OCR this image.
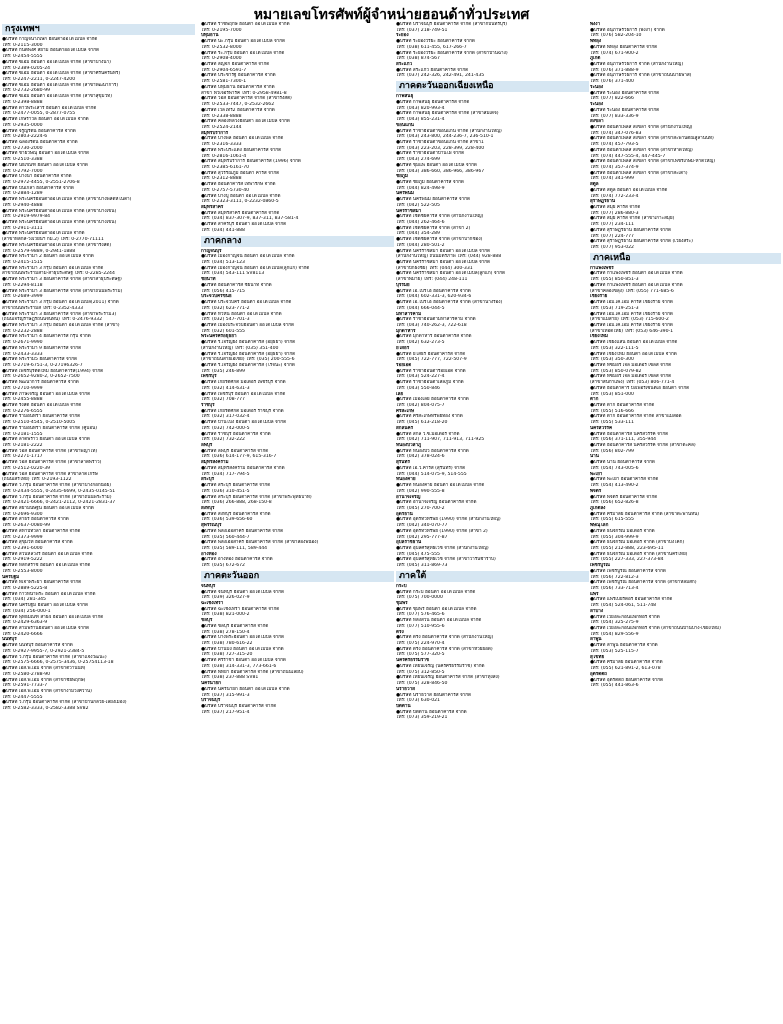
หมายเลขโทรศัพท์ผู้จำหน่ายฮอนด้าทั่วประเทศ
กรุงเทพฯ
●บริษัท กาญจนาภิเษก ฮอนด้าออโตโมบิล จำกัด
โทร: 0-2115-3000
●บริษัท กันต์พงศ์ สยาม ฮอนด้าออโตโมบิล จำกัด
โทร: 0-2454-5555
●บริษัท ซีเอ็ม ฮอนด้า ออโตโมบิล จำกัด (สาขาบางนา)
โทร: 0-2389-0205-24
●บริษัท ซีเอ็ม ฮอนด้า ออโตโมบิล จำกัด (สาขาศรีนครินทร์)
โทร: 0-2247-2211, 0-2247-4200
●บริษัท ซีเอ็ม ฮอนด้า ออโตโมบิล จำกัด (สาขาพัฒนาการ)
โทร: 0-2732-2680-99
●บริษัท ซีเอ็ม ฮอนด้า ออโตโมบิล จำกัด (สาขาสุขุมวิท)
โทร: 0-2398-8888
●บริษัท ดาวพระเสาร์ ฮอนด้า ออโตโมบิล จำกัด
โทร: 0-2477-0055, 0-2877-0755
●บริษัท เกษราวิล ฮอนด้า ออโตโมบิล จำกัด
โทร: 0-2935-0000
●บริษัท จรูญรัตน์ ฮอนด้าคาร์ส์ จำกัด
โทร: 0-2803-2224-6
●บริษัท ฉลองรัตน์ ฮอนด้าคาร์ส์ จำกัด
โทร: 0-2730-2000
●บริษัท ชายวิษณุ์ ฮอนด้า ออโตโมบิล จำกัด
โทร: 0-2510-3388
●บริษัท นิธิภัณฑ์ ฮอนด้า ออโตโมบิล จำกัด
โทร: 0-2792-7000
●บริษัท บางนา ฮอนด้าคาร์ส์ จำกัด
โทร: 0-2972-4455, 0-2551-2706-8
●บริษัท ปิ่นเกล้า ฮอนด้าคาร์ส์ จำกัด
โทร: 0-2884-1289
●บริษัท พระนครฮอนด้าออโตโมบิล จำกัด (สาขาบางพลัดหิโนดา)
โทร: 0-2940-4888
●บริษัท พระนครฮอนด้าออโตโมบิล จำกัด (สาขาบางเขน)
โทร: 0-2919-9979-84
●บริษัท พระนครฮอนด้าออโตโมบิล จำกัด (สาขาบางเขน)
โทร: 0-2911-3111
●บริษัท พระนครฮอนด้าออโตโมบิล จำกัด
(สาขาหลักสี่-วงเวียนฯ กม.2) โทร: 0-2770-71111
●บริษัท พระนครฮอนด้าออโตโมบิล จำกัด (สาขารังสิต)
โทร: 0-2579-9889, 0-2941-1888
●บริษัท พระรามา 2 ฮอนด้า ออโตโมบิล จำกัด
โทร: 0-2415-1515
●บริษัท พระรามา 3 กรุ๊ป ฮอนด้า ออโตโมบิล จำกัด
สาขาถนนพระรามสาม-สาธุประดิษฐ์ โทร: 0-2285-2244
●บริษัท พระรามา 3 ฮอนด้าคาร์ส์ จำกัด (สาขาสาธุประดิษฐ์)
โทร: 0-2294-8118
●บริษัท พระรามา 3 ฮอนด้าคาร์ส์ จำกัด (สาขาถนนพระราม)
โทร: 0-2689-3999
●บริษัท พระรามา 3 กรุ๊ป ฮอนด้า ออโตโมบิล(2011) จำกัด
สาขาถนนพระรามสี่ โทร: 0-2352-4333
●บริษัท พระรามา 3 ฮอนด้าคาร์ส์ จำกัด (สาขาพระราม3)
(ถนนเจริญราษฎร์ถนนจันทน์) โทร: 0-2476-9332
●บริษัท พระรามา 3 กรุ๊ป ฮอนด้า ออโตโมบิล จำกัด (สาขา)
โทร: 0-2232-2888
●บริษัท พระรามา 4 ฮอนด้าคาร์ส์ กรุ๊ป จำกัด
โทร: 0-2671-9990
●บริษัท พระรามา 9 ฮอนด้าคาร์ส์ จำกัด
โทร: 0-2433-3333
●บริษัท พระราม5 ฮอนด้าคาร์ส์ จำกัด
โทร: 0-2719-6751-3, 0-27196326-7
●บริษัท เพชรบุรีตัดใหม่ ฮอนด้าคาร์ส์(1994) จำกัด
โทร: 0-2652-9280-2, 0-2652-7500
●บริษัท พัฒนาการ ฮอนด้าคาร์ส์ จำกัด
โทร: 0-2710-9999
●บริษัท ภาษีเจริญ ฮอนด้า ออโตโมบิล จำกัด
โทร: 0-2455-8888
●บริษัท รังสิต ฮอนด้า ออโตโมบิล จำกัด
โทร: 0-2276-6555
●บริษัท รามอินทรา ฮอนด้าคาร์ส์ จำกัด
โทร: 0-2510-4545, 0-2510-5005
●บริษัท รามอินทรา ฮอนด้าคาร์ส์ จำกัด (คู้บอน)
โทร: 0-2181-1555
●บริษัท ลาดพร้าว ฮอนด้า ออโตโมบิล จำกัด
โทร: 0-2181-2222
●บริษัท วอส ฮอนด้าคาร์ส์ จำกัด (สาขาพญาไท)
โทร: 0-2271-1717
●บริษัท วอส ฮอนด้าคาร์ส์ จำกัด (สาขาลาดพร้าว)
โทร: 0-2512-0220-39
●บริษัท วอส ฮอนด้าคาร์ส์ จำกัด สาขาลาดไกรษ
(ถนนเสรีไทย) โทร: 0-2193-1122
●บริษัท วี.กรุ๊ป ฮอนด้าคาร์ส์ จำกัด (สาขาบางกอกน้อย)
โทร: 0-2434-5555, 0-2435-6699, 0-2435-0145-51
●บริษัท วี.กรุ๊ป ฮอนด้าคาร์ส์ จำกัด (สาขาถนนพระราม)
โทร: 0-2421-6666, 0-2421-2112, 0-2421-2831-37
●บริษัท สยามนิษฐัน ฮอนด้า ออโตโมบิล จำกัด
โทร: 0-2696-9300
●บริษัท สาธร ฮอนด้าคาร์ส์ จำกัด
โทร: 0-2637-0080-99
●บริษัท สหาบัทวลา ฮอนด้าคาร์ส์ จำกัด
โทร: 0-2373-9999
●บริษัท สุขุมวิท ฮอนด้าคาร์ส์ จำกัด
โทร: 0-2391-6000
●บริษัท สวนหลวงร์ ฮอนด้า ออโตโมบิล จำกัด
โทร: 0-2919-5222
●บริษัท หลักสี่ราช ฮอนด้า ออโตโมบิล จำกัด
โทร: 0-2553-8000
นครปฐม
●บริษัท ทีเจ้าพระยา ฮอนด้าคาร์ส์ จำกัด
โทร: 0-2889-5225-8
●บริษัท ก้าวหน้าพระ ฮอนด้า ออโตโมบิล จำกัด
โทร: (034) 281-345
●บริษัท นครปฐม ฮอนด้า ออโตโมบิล จำกัด
โทร: (034) 256-000-1
●บริษัท พุทธมณฑ์ สาย4 ฮอนด้า ออโตโมบิล จำกัด
โทร: 0-2429-6363-9
●บริษัท สามพรานฮอนด้า ออโตโมบิล จำกัด
โทร: 0-2420-6666
นนทบุรี
●บริษัท นนทบุรี ฮอนด้าคาร์ส์ จำกัด
โทร: 0-2927-9955-7, 0-2921-2384-5
●บริษัท วี.กรุ๊ป ฮอนด้าคาร์ส์ จำกัด (สาขาแจ้งวัฒนะ)
โทร: 0-2575-6666, 0-2575-3436, 0-25754113-18
●บริษัท เอส.พี.เอ็ม จำกัด (สาขาติวานนท์)
โทร: 0-2580-2788-90
●บริษัท เอส.พี.เอ็ม จำกัด (สาขาชัยพฤกษ์)
โทร: 0-2591-7733-7
●บริษัท เอส.พี.เอ็ม จำกัด (สาขางามวงศ์วาน)
โทร: 0-2447-5555
●บริษัท วี.กรุ๊ป ฮอนด้าคาร์ส์ จำกัด (สาขาบ้านกล้วย-เลี่ยงเมือง)
โทร: 0-2582-3333, 0-2582-3388 SV82
●บริษัท ราชพฤกษ์ ฮอนด้า ออโตโมบิล จำกัด
โทร: 0-2195-7000
ปทุมธานี
●บริษัท นะ.กรุ๊ป ฮอนด้า ออโตโมบิล จำกัด
โทร: 0-2532-8000
●บริษัท ระ.กรุ๊ป ฮอนด้า ออโตโมบิล จำกัด
โทร: 0-2908-4000
●บริษัท ลัญจกี ฮอนด้าคาร์ส์ จำกัด
โทร: 0-2904-6591-7
●บริษัท ประชารัฐ ฮอนด้าคาร์ส์ จำกัด
โทร: 0-2581-7300-1
●บริษัท ปทุมธานี ฮอนด้าคาร์ส์ จำกัด
สาขา ฟิวเจอร์พาร์ค โทร: 0-2958-4981-8
●บริษัท วอส ฮอนด้าคาร์ส์ จำกัด (สาขารังสิต)
โทร: 0-2533-7447, 0-2532-2662
●บริษัท เวลไทร2 ฮอนด้าคาร์ส์ จำกัด
โทร: 0-2338-8888
●บริษัท คลองหลวงฮอนด้า ออโตโมบิล จำกัด
โทร: 0-2524-2144
สมุทรปราการ
●บริษัท บางพลี ฮอนด้า ออโตโมบิล จำกัด
โทร: 0-2316-3333
●บริษัท พระประแดง ฮอนด้าคาร์ส์ จำกัด
โทร: 0-2816-1061-4
●บริษัท สมุทรปราการ ฮอนด้าคาร์ส์ (1996) จำกัด
โทร: 0-2385-6161-70
●บริษัท สุวรรณภูมิ ฮอนด้า คาร์ส์ จำกัด
โทร: 0-2312-8888
●บริษัท ฮอนด้าคาร์ส์ เทพารักษ์ จำกัด
โทร: 0-2757-5730-40
●บริษัท บางปู ฮอนด้า ออโตโมบิล จำกัด
โทร: 0-2323-3111, 0-2232-0860-5
สมุทรสาคร
●บริษัท สมุทรสาคร ฮอนด้าคาร์ส์ จำกัด
โทร: (034) 837-307-9, 837-311, 837-581-4
●บริษัท สาครบุรี ฮอนด้า ออโตโมบิล จำกัด
โทร: (034) 441-888
ภาคกลาง
กาญจนบุรี
●บริษัท เมืองกาญจน์ ฮอนด้า ออโตโมบิล จำกัด
โทร: (034) 513-123
●บริษัท เมืองกาญจน์ ฮอนด้า ออโตโมบิล(ลูกแก) จำกัด
โทร: (034) 543-111 SV8113
ชัยนาท
●บริษัท ฮอนด้าคาร์ส์ ชัยนาท จำกัด
โทร: (056) 415-715
ประจวบคีรีขันธ์
●บริษัท ประจวบคีรี ฮอนด้า ออโตโมบิล จำกัด
โทร: (032) 623-771-2
●บริษัท หัวหิน ฮอนด้า ออโตโมบิล จำกัด
โทร: (032) 547-701-3
●บริษัท เมืองประจวบฮอนด้า ออโตโมบิล จำกัด
โทร: (032) 601-555
พระนครศรีอยุธยา
●บริษัท ร.เจริญยิ่ง ฮอนด้าคาร์ส์ (อยุธยา) จำกัด
(สำนักงานใหญ่) โทร: (035) 351-400
●บริษัท ร.เจริญยิ่ง ฮอนด้าคาร์ส์ (อยุธยา) จำกัด
(สาขาถนนสายเอเชีย) โทร: (035) 200-555-6
●บริษัท ร.เจริญยิ่ง ฮอนด้าคาร์ส์ (โรจนะ) จำกัด
โทร: (035) 246-899
เพชรบุรี
●บริษัท เกียรติศักดิ์ มอเตอร์ เพชรบุรี จำกัด
โทร: (032) 414-631-3
●บริษัท เพชรบุรี ฮอนด้า ออโตโมบิล จำกัด
โทร: (032) 708-777
ราชบุรี
●บริษัท เกียรติศักดิ์ มอเตอร์ ราชบุรี จำกัด
โทร: (032) 317-032-4
●บริษัท บ้านโป่ง ฮอนด้า ออโตโมบิล จำกัด
โทร: (032) 742-000-5
●บริษัท ราชบุรี ฮอนด้าคาร์ส์ จำกัด
โทร: (032) 732-222
ลพบุรี
●บริษัท ลพบุรี ฮอนด้าคาร์ส์ จำกัด
โทร: (036) 614-177-9, 615-316-7
สมุทรสงคราม
●บริษัท สมุทรสงคราม ฮอนด้าคาร์ส์ จำกัด
โทร: (034) 717-794-5
สระบุรี
●บริษัท สระบุรี ฮอนด้าคาร์ส์ จำกัด
โทร: (036) 310-451-5
●บริษัท สระบุรี ฮอนด้าคาร์ส์ จำกัด (สาขาพระพุทธบาท)
โทร: (036) 266-888, 268-150-8
สิงห์บุรี
●บริษัท สิงห์บุรี ฮอนด้าคาร์ส์ จำกัด
โทร: (036) 539-656-60
สุพรรณบุรี
●บริษัท พลังเอื้อสาคร ฮอนด้าคาร์ส์ จำกัด
โทร: (035) 560-444-7
●บริษัท พลังเอื้อสาคร ฮอนด้าคาร์ส์ จำกัด (สาขาสองพี่น้อง)
โทร: (035) 589-111, 589-444
อ่างทอง
●บริษัท อ่างทอง ฮอนด้าคาร์ส์ จำกัด
โทร: (035) 672-672
ภาคตะวันออก
จันทบุรี
●บริษัท จันทบุรี ฮอนด้า ออโตโมบิล จำกัด
โทร: (039) 326-027-9
ฉะเชิงเทรา
●บริษัท ฉะเชิงเทรา ฮอนด้าคาร์ส์ จำกัด
โทร: (038) 821-000-2
ชลบุรี
●บริษัท ชลบุรี ฮอนด้าคาร์ส์ จำกัด
โทร: (038) 278-150-4
●บริษัท บางพระฮอนด้า ออโตโมบิล จำกัด
โทร: (038) 780-616-22
●บริษัท บ้านบึง ฮอนด้า ออโตโมบิล จำกัด
โทร: (038) 727-315-20
●บริษัท ศรีราชา ฮอนด้า ออโตโมบิล จำกัด
โทร: (038) 314-331-3, 773-661-6
●บริษัท พัทยา ฮอนด้าคาร์ส์ จำกัด (สาขาถนนเลียบ)
โทร: (038) 237-888 SV81
นครนายก
●บริษัท นครนายก ฮอนด้า ออโตโมบิล จำกัด
โทร: (037) 315-991-3
ปราจีนบุรี
●บริษัท ปราจีนบุรี ฮอนด้าคาร์ส์ จำกัด
โทร: (037) 217-951-4
●บริษัท ปราจีนบุรี ฮอนด้าคาร์ส์ จำกัด (สาขากบินทร์บุรี)
โทร: (037) 218-749-51
ระยอง
●บริษัท ระยองวิริยะ ฮอนด้าคาร์ส์ จำกัด
โทร: (038) 611-455, 617-266-7
●บริษัท ระยองวิริยะ ฮอนด้าคาร์ส์ จำกัด (สาขาบ้านฉาง)
โทร: (038) 874-567
สระแก้ว
●บริษัท สระแก้ว ฮอนด้าคาร์ส์ จำกัด
โทร: (037) 242-326, 242-491, 241-435
ภาคตะวันออกเฉียงเหนือ
กาฬสินธุ์
●บริษัท กาฬสินธุ์ ฮอนด้าคาร์ส์ จำกัด
โทร: (043) 820-993-4
●บริษัท กาฬสินธุ์ ฮอนด้าคาร์ส์ จำกัด (สาขาสมเด็จ)
โทร: (043) 855-231-4
ขอนแก่น
●บริษัท ราชาฮอนด้าขอนแก่น จำกัด (สำนักงานใหญ่)
โทร: (043) 243-800, 244-236-7, 236-510-1
●บริษัท ราชาฮอนด้าขอนแก่น จำกัด สาขา1
โทร: (043) 223-203, 228-399, 228-400
●บริษัท ราชาฮอนด้าบ้านไผ่ จำกัด
โทร: (043) 274-699
●บริษัท ชุมแพ ฮอนด้า ออโตโมบิล จำกัด
โทร: (043) 386-660, 386-966, 386-967
ชัยภูมิ
●บริษัท ชัยภูมิ ฮอนด้าคาร์ส์ จำกัด
โทร: (044) 824-498-9
นครพนม
●บริษัท นครพนม ฮอนด้าคาร์ส์ จำกัด
โทร: (042) 522-505
นครราชสีมา
●บริษัท เชิดชัยคาร์ส์ จำกัด (สำนักงานใหญ่)
โทร: (044) 262-464-6
●บริษัท เชิดชัยคาร์ส์ จำกัด (สาขา 2)
โทร: (044) 354-289
●บริษัท เชิดชัยคาร์ส์ จำกัด (สาขาปากช่อง)
โทร: (044) 280-501-2
●บริษัท นครราชสีมา ฮอนด้า ออโตโมบิล จำกัด
(สำนักงานใหญ่) ถนนมิตรภาพ โทร: (044) 928-888
●บริษัท นครราชสีมา ฮอนด้า ออโตโมบิล จำกัด
(สาขาปักธงชัย) โทร: (044) 300-331
●บริษัท นครราชสีมา ฮอนด้า ออโตโมบิล(ลูกแก) จำกัด
(สาขาพิมาย) โทร: (044) 248-111
บุรีรัมย์
●บริษัท เอ.ไบรโอ้ ฮอนด้าคาร์ส์ จำกัด
โทร: (044) 602-331-3, 620-934-6
●บริษัท เอ.ไบรโอ้ ฮอนด้าคาร์ส์ จำกัด (สาขานางรอง)
โทร: (044) 666-044-5
มหาสารคาม
●บริษัท ราชาฮอนด้ามหาสารคาม จำกัด
โทร: (043) 740-262-3, 722-618
มุกดาหาร
●บริษัท มุกดาหาร ฮอนด้าคาร์ส์ จำกัด
โทร: (042) 632-273-5
ยโสธร
●บริษัท ยโสธร ฮอนด้าคาร์ส์ จำกัด
โทร: (045) 722-777, 722-507-9
ร้อยเอ็ด
●บริษัท ราชาฮอนด้าร้อยเอ็ด จำกัด
โทร: (043) 524-227-4
●บริษัท ราชาฮอนด้าเสลภูมิ จำกัด
โทร: (043) 550-846
เลย
●บริษัท เมืองเลย ฮอนด้าคาร์ส์ จำกัด
โทร: (042) 804-075-7
ศรีสะเกษ
●บริษัท ศรีสะเกษทรัพย์ทอง จำกัด
โทร: (045) 613-218-20
สกลนคร
●บริษัท สกล วี.ซี.มอเตอร์ จำกัด
โทร: (042) 711-907, 711-913, 711-925
หนองบัวลำภู
●บริษัท หนองบัว ฮอนด้าคาร์ส์ จำกัด
โทร: (042) 378-024-6
สุรินทร์
●บริษัท เอ.วี.คาร์ส์ (สุรินทร์) จำกัด
โทร: (044) 514-075-9, 514-555
หนองคาย
●บริษัท หนองคาย ฮอนด้า ออโตโมบิล จำกัด
โทร: (042) 990-555-8
อำนาจเจริญ
●บริษัท อำนาจเจริญ ฮอนด้าคาร์ส์ จำกัด
โทร: (045) 270-700-2
อุดรธานี
●บริษัท อุดรทวีทรัพย์ (1990) จำกัด (สำนักงานใหญ่)
โทร: (042) 340-070-77
●บริษัท อุดรทวีทรัพย์ (1990) จำกัด (สาขา 2)
โทร: (042) 295-777-87
อุบลราชธานี
●บริษัท อุบลศรีสุทธิเวช จำกัด (สำนักงานใหญ่)
โทร: (045) 475-555
●บริษัท อุบลศรีสุทธิเวช จำกัด (สาขาวารินชำราบ)
โทร: (045) 311-869-73
ภาคใต้
กระบี่
●บริษัท กระบี่ ฮอนด้า ออโตโมบิล จำกัด
โทร: (075) 700-0000
ชุมพร
●บริษัท ชุมพร ฮอนด้า ออโตโมบิล จำกัด
โทร: (077) 576-465-6
●บริษัท หลังสวน ฮอนด้า ออโตโมบิล จำกัด
โทร: (077) 510-955-6
ตรัง
●บริษัท ตรัง ฮอนด้าคาร์ส์ จำกัด (สำนักงานใหญ่)
โทร: (075) 224-970-4
●บริษัท ตรัง ฮอนด้าคาร์ส์ จำกัด (สาขาห้วยยอด)
โทร: (075) 577-320-5
นครศรีธรรมราช
●บริษัท เทียนเจริญ (นครศรีธรรมราช) จำกัด
โทร: (075) 312-850-5
●บริษัท เทียนเจริญ ฮอนด้าคาร์ส์ จำกัด (สาขาทุ่งสง)
โทร: (075) 328-846-50
นราธิวาส
●บริษัท นราธิวาส ฮอนด้าคาร์ส์ จำกัด
โทร: (073) 630-021
ปัตตานี
●บริษัท ปัตตานี ฮอนด้าคาร์ส์ จำกัด
โทร: (073) 359-219-21
พังงา
●บริษัท อนุภาษร์วิธการ (พังงา) จำกัด
โทร: (076) 582-204-10
พัทลุง
●บริษัท พัทลุง ฮอนด้าคาร์ส์ จำกัด
โทร: (074) 671-900-2
ภูเก็ต
●บริษัท อนุภาษร์วิธการ จำกัด (สำนักงานใหญ่)
โทร: (076) 371-888-9
●บริษัท อนุภาษร์วิธการ จำกัด (สาขาถนนบายพาส)
โทร: (076) 371-400
ระนอง
●บริษัท ระนอง ฮอนด้าคาร์ส์ จำกัด
โทร: (077) 822-666
ระนอง
●บริษัท ระนอง ฮอนด้าคาร์ส์ จำกัด
โทร: (077) 833-336-9
สงขลา
●บริษัท ฮอนด้าเพลส สงขลา จำกัด (สำนักงานใหญ่)
โทร: (074) 347-076-83
●บริษัท ฮอนด้าเพลส สงขลา จำกัด (สาขาสะพานติณสูลานนท์)
โทร: (074) 457-793-5
●บริษัท ฮอนด้าเพลส สงขลา จำกัด (สาขาหาดใหญ่)
โทร: (074) 447-555-4, 447-445-7
●บริษัท ฮอนด้าเพลส สงขลา จำกัด (สาขาเพชรเกษม-หาดใหญ่)
โทร: (074) 357-374-9
●บริษัท ฮอนด้าเพลส สงขลา จำกัด (สาขาสะเดา)
โทร: (074) 341-999
สตูล
●บริษัท สตูล ฮอนด้า ออโตโมบิล จำกัด
โทร: (074) 772-233-4
สุราษฎร์ธานี
●บริษัท สมุย คาร์ส จำกัด
โทร: (077) 286-880-3
●บริษัท สมุย คาร์ส จำกัด (สาขาเกาะสมุย)
โทร: (077) 234-111
●บริษัท สุราษฎร์ธานี ฮอนด้าคาร์ส์ จำกัด
โทร: (077) 224-777
●บริษัท สุราษฎร์ธานี ฮอนด้าคาร์ส์ จำกัด (เวียงสระ)
โทร: (077) 953-022
ภาคเหนือ
กำแพงเพชร
●บริษัท กำแพงเพชร ฮอนด้า ออโตโมบิล จำกัด
โทร: (055) 850-851-3
●บริษัท กำแพงเพชร ฮอนด้า ออโตโมบิล จำกัด
(สาขาคลองขลุง) โทร: (055) 771-685-6
เชียงราย
●บริษัท เอ็ม.เค.เอ็ม คาร์ส์ เชียงราย จำกัด
โทร: (053) 719-251-3
●บริษัท เอ็ม.เค.เอ็ม คาร์ส์ เชียงราย จำกัด
(สาขาแม่สาย) โทร: (053) 715-600-2
●บริษัท เอ็ม.เค.เอ็ม คาร์ส์ เชียงราย จำกัด
(สาขาเทอดไทย) โทร: (053) 646-390-1
เชียงใหม่
●บริษัท เชียงแสน ฮอนด้า ออโตโมบิล จำกัด
โทร: (053) 322-111-5
●บริษัท เชียงใหม่ ฮอนด้า ออโตโมบิล จำกัด
โทร: (053) 350-300
●บริษัท ทีซีมอร์ เจล มอเตอร์ เซลส์ จำกัด
โทร: (053) 850-079-82
●บริษัท ทีซีมอร์ เจล มอเตอร์ เซลส์ จำกัด
(สาขาสันกำแพง) โทร: (053) 806-771-4
●บริษัท ฮอนด้าคาร์ ปิงเพอร์เซ่นติเอ ฮอนด้า จำกัด
โทร: (053) 851-000
ตาก
●บริษัท ตาก ฮอนด้าคาร์ส์ จำกัด
โทร: (055) 516-666
●บริษัท ตาก ฮอนด้าคาร์ส์ จำกัด สาขาแม่สอด
โทร: (055) 533-111
นครสวรรค์
●บริษัท ฮอนด้าคาร์ส์ นครสวรรค์ จำกัด
โทร: (056) 371-111, 355-944
●บริษัท ฮอนด้าคาร์ส์ นครสวรรค์ จำกัด (สาขาตะคลี)
โทร: (056) 802-799
น่าน
●บริษัท น่าน ฮอนด้าคาร์ส์ จำกัด
โทร: (054) 743-005-6
พะเยา
●บริษัท พะเยา ฮอนด้าคาร์ส์ จำกัด
โทร: (054) 413-490-2
พิจิตร
●บริษัท พิจิตร ฮอนด้าคาร์ส์ จำกัด
โทร: (056) 652-826-8
ภูเก็ตลิง
●บริษัท ศรีมาลัย ฮอนด้าคาร์ส์ จำกัด (สาขาตะพานหิน)
โทร: (055) 615-555
พิษณุโลก
●บริษัท ธนจักรณ์ มอเตอร์ จำกัด
โทร: (055) 304-999-9
●บริษัท ธนจักรณ์ มอเตอร์ จำกัด (สาขาบึงโคก)
โทร: (055) 212-888, 223-695-11
●บริษัท ธนจักรณ์ มอเตอร์ จำกัด (สาขานครไทย)
โทร: (055) 227-333, 227-373-84
เพชรบูรณ์
●บริษัท เพชรบูรณ์ ฮอนด้าคาร์ส์ จำกัด
โทร: (056) 722-812-3
●บริษัท เพชรบูรณ์ ฮอนด้าคาร์ส์ จำกัด (สาขาหล่มสัก)
โทร: (056) 733-713-4
แพร่
●บริษัท แพร่เบียร์ดอร์ ฮอนด้าคาร์ส์ จำกัด
โทร: (054) 524-061, 511-748
ลำปาง
●บริษัท เวียงละกอนแฟกทอรี่ จำกัด
โทร: (054) 325-275-9
●บริษัท เวียงละกอนแฟกทอรี่ จำกัด (สาขาถนนบ้านปาง-เชียงใหม่)
โทร: (054) 829-556-9
ลำพูน
●บริษัท ลำพูน ฮอนด้าคาร์ส์ จำกัด
โทร: (053) 525-115-7
สุโขทัย
●บริษัท ศรีมาลัย ฮอนด้าคาร์ส์ จำกัด
โทร: (055) 621-891-2, 613-078
อุตรดิตถ์
●บริษัท อุตรดิตถ์ ฮอนด้าคาร์ส์ จำกัด
โทร: (055) 441-863-6
